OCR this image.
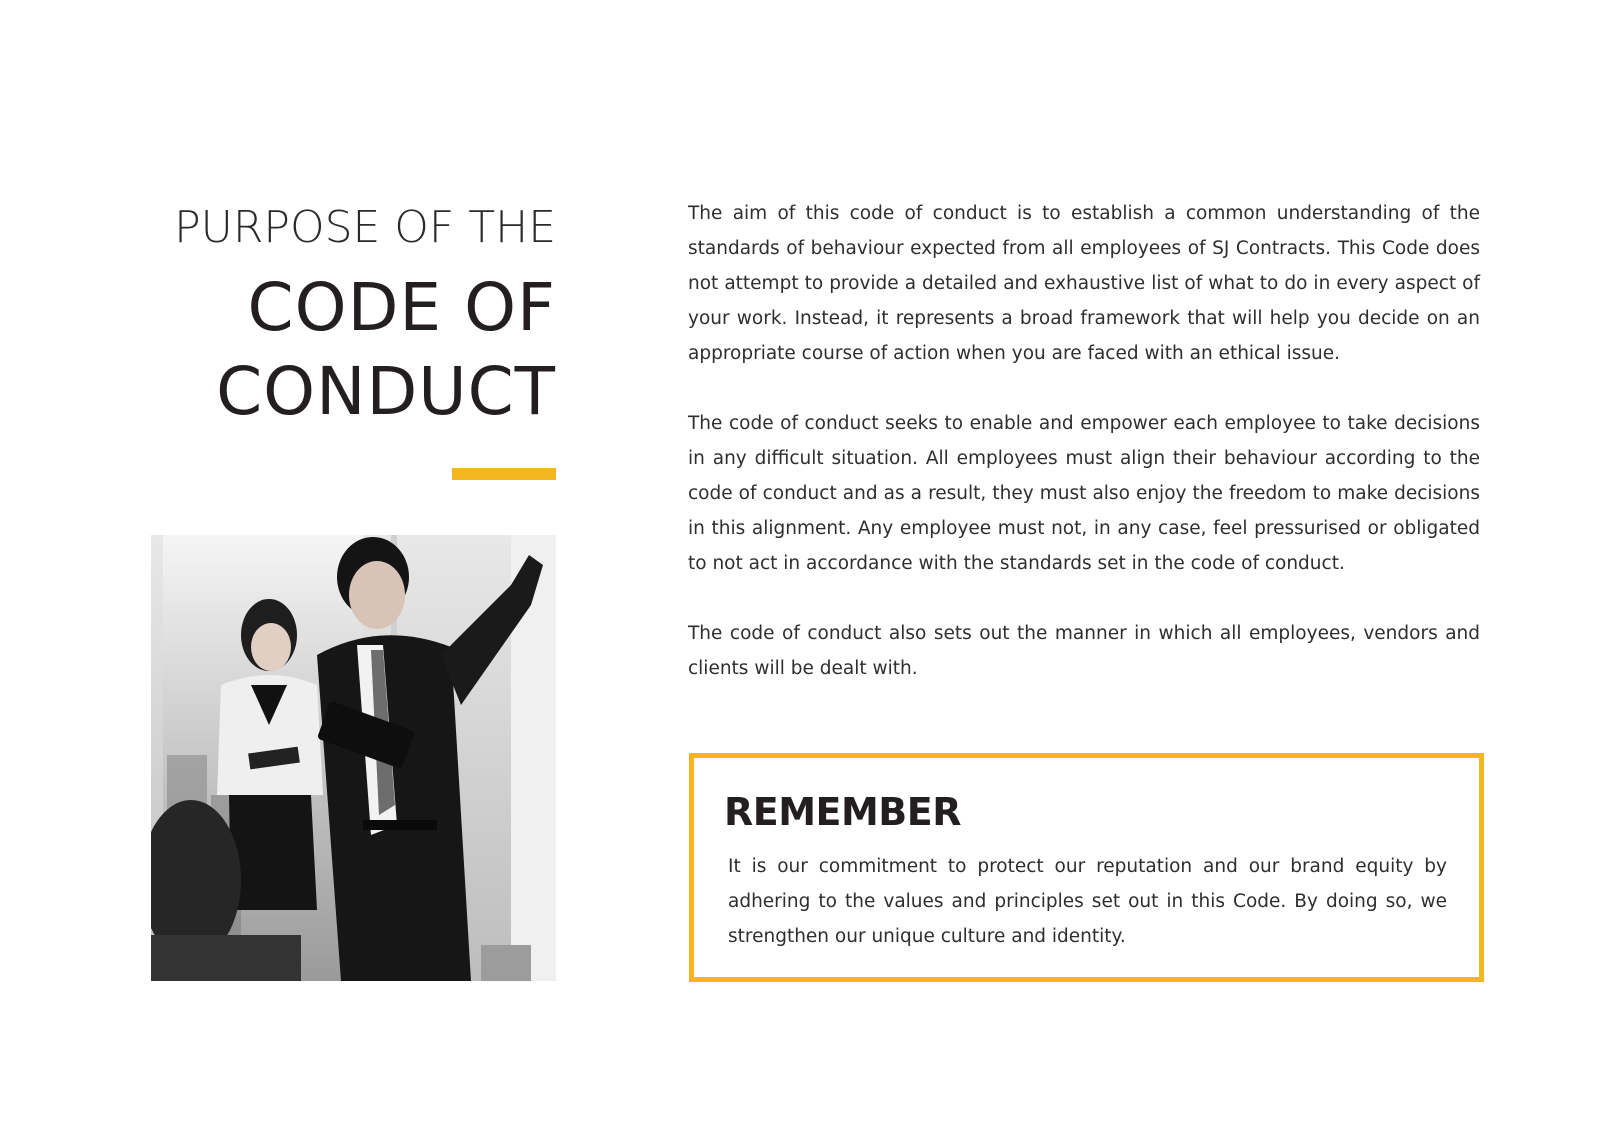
PURPOSE OF THE
CODE OF
CONDUCT

The aim of this code of conduct is to establish a common understanding of the standards of behaviour expected from all employees of SJ Contracts. This Code does not attempt to provide a detailed and exhaustive list of what to do in every aspect of your work. Instead, it represents a broad framework that will help you decide on an appropriate course of action when you are faced with an ethical issue.

The code of conduct seeks to enable and empower each employee to take decisions in any difficult situation. All employees must align their behaviour according to the code of conduct and as a result, they must also enjoy the freedom to make decisions in this alignment. Any employee must not, in any case, feel pressurised or obligated to not act in accordance with the standards set in the code of conduct.

The code of conduct also sets out the manner in which all employees, vendors and clients will be dealt with.

REMEMBER
It is our commitment to protect our reputation and our brand equity by adhering to the values and principles set out in this Code. By doing so, we strengthen our unique culture and identity.
